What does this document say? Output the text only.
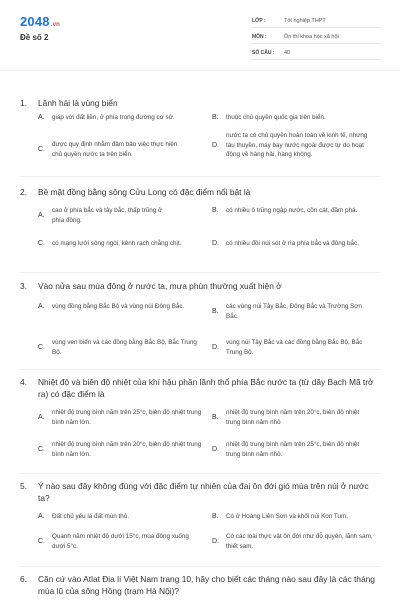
2048.vn
Đề số 2
LỚP :	Tốt nghiệp THPT
MÔN :	Ôn thi khoa học xã hội
SỐ CÂU :	40
1.	Lãnh hải là vùng biển
A.	giáp với đất liền, ở phía trong đường cơ sở.	B.	thuộc chủ quyền quốc gia trên biển.
C.
được quy định nhằm đảm bảo việc thực hiện chủ quyền nước ta trên biển.
D.
nước ta có chủ quyền hoàn toàn về kinh tế, nhưng tàu thuyền, máy bay nước ngoài được tự do hoạt động về hàng hải, hàng không.
2.	Bề mặt đồng bằng sông Cửu Long có đặc điểm nổi bật là
A.
cao ở phía bắc và tây bắc, thấp trũng ở phía đông.
B.	có nhiều ô trũng ngập nước, cồn cát, đầm phá.
C.	có mạng lưới sông ngòi, kênh rạch chằng chịt.	D.	có nhiều đồi núi sót ở rìa phía bắc và đông bắc.
3.	Vào nửa sau mùa đông ở nước ta, mưa phùn thường xuất hiện ở
A.	vùng đồng bằng Bắc Bộ và vùng núi Đông Bắc.
B.
các vùng núi Tây Bắc, Đông Bắc và Trường Sơn Bắc.
C.
vùng ven biển và các đồng bằng Bắc Bộ, Bắc Trung Bộ.
D.
vùng núi Tây Bắc và các đồng bằng Bắc Bộ, Bắc Trung Bộ.
4.	Nhiệt độ và biên độ nhiệt của khí hậu phần lãnh thổ phía Bắc nước ta (từ dãy Bạch Mã trở ra) có đặc điểm là
A.
nhiệt độ trung bình năm trên 25°c, biên độ nhiệt trung bình năm lớn.
B.
nhiệt độ trung bình năm trên 20°c, biên độ nhiệt trung bình năm nhỏ
C.
nhiệt độ trung bình năm trên 20°c, biên độ nhiệt trung bình năm lớn.
D.
nhiệt độ trung bình năm trên 25°c, biên độ nhiệt trung bình năm nhỏ.
5.	Ý nào sau đây không đúng với đặc điểm tự nhiên của đai ôn đới gió mùa trên núi ở nước ta?
A.	Đất chủ yếu là đất mùn thô.	B.	Có ở Hoàng Liên Sơn và khối núi Kon Tum.
C.
Quanh năm nhiệt độ dưới 15°c, mùa đông xuống dưới 5°c.
D.
Có các loài thực vật ôn đới như đỗ quyên, lãnh sam, thiết sam.
6.	Căn cứ vào Atlat Địa lí Việt Nam trang 10, hãy cho biết các tháng nào sau đây là các tháng mùa lũ của sông Hồng (trạm Hà Nội)?
